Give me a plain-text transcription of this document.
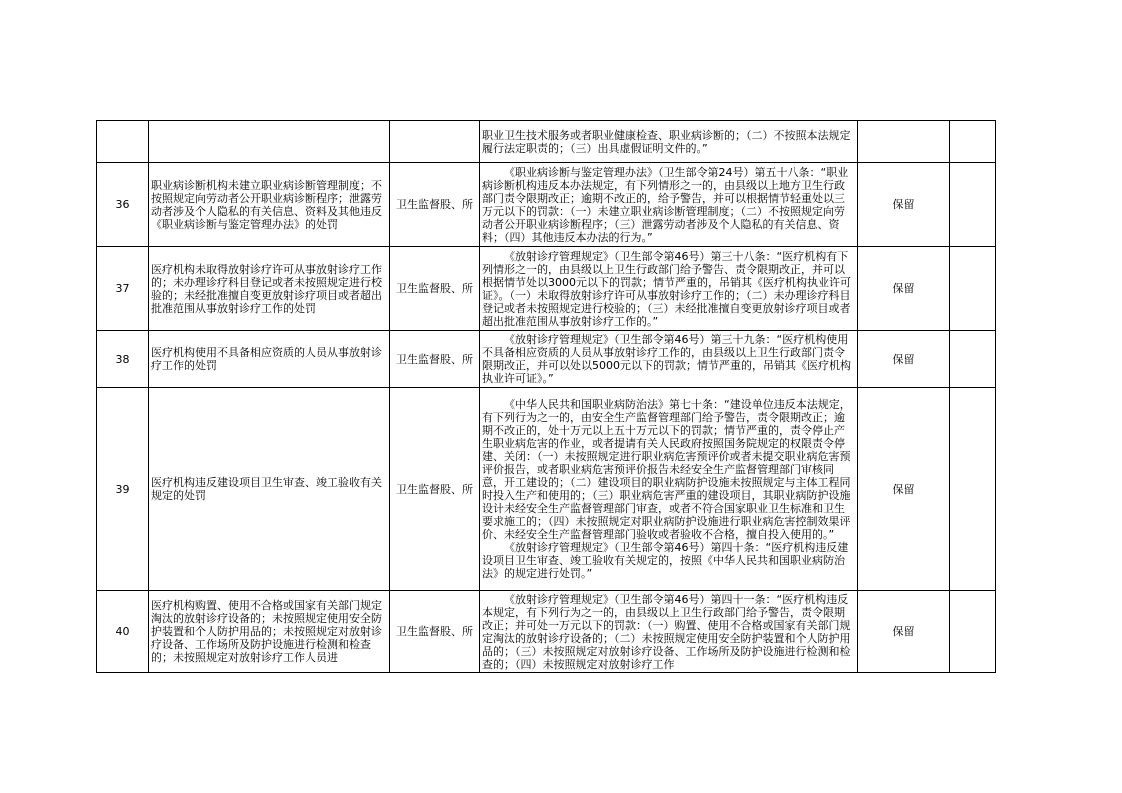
			职业卫生技术服务或者职业健康检查、职业病诊断的；（二）不按照本法规定履行法定职责的；（三）出具虚假证明文件的。”		

36	职业病诊断机构未建立职业病诊断管理制度；不按照规定向劳动者公开职业病诊断程序；泄露劳动者涉及个人隐私的有关信息、资料及其他违反《职业病诊断与鉴定管理办法》的处罚	卫生监督股、所	《职业病诊断与鉴定管理办法》（卫生部令第24号）第五十八条：“职业病诊断机构违反本办法规定，有下列情形之一的，由县级以上地方卫生行政部门责令限期改正；逾期不改正的，给予警告，并可以根据情节轻重处以三万元以下的罚款：（一）未建立职业病诊断管理制度；（二）不按照规定向劳动者公开职业病诊断程序；（三）泄露劳动者涉及个人隐私的有关信息、资料；（四）其他违反本办法的行为。”	保留	
37	医疗机构未取得放射诊疗许可从事放射诊疗工作的；未办理诊疗科目登记或者未按照规定进行校验的；未经批准擅自变更放射诊疗项目或者超出批准范围从事放射诊疗工作的处罚	卫生监督股、所	《放射诊疗管理规定》（卫生部令第46号）第三十八条：“医疗机构有下列情形之一的，由县级以上卫生行政部门给予警告、责令限期改正，并可以根据情节处以3000元以下的罚款；情节严重的，吊销其《医疗机构执业许可证》。（一）未取得放射诊疗许可从事放射诊疗工作的；（二）未办理诊疗科目登记或者未按照规定进行校验的；（三）未经批准擅自变更放射诊疗项目或者超出批准范围从事放射诊疗工作的。”	保留	
38	医疗机构使用不具备相应资质的人员从事放射诊疗工作的处罚	卫生监督股、所	《放射诊疗管理规定》（卫生部令第46号）第三十九条：“医疗机构使用不具备相应资质的人员从事放射诊疗工作的，由县级以上卫生行政部门责令限期改正，并可以处以5000元以下的罚款；情节严重的，吊销其《医疗机构执业许可证》。”	保留	
39	医疗机构违反建设项目卫生审查、竣工验收有关规定的处罚	卫生监督股、所	《中华人民共和国职业病防治法》第七十条：“建设单位违反本法规定，有下列行为之一的，由安全生产监督管理部门给予警告，责令限期改正；逾期不改正的，处十万元以上五十万元以下的罚款；情节严重的，责令停止产生职业病危害的作业，或者提请有关人民政府按照国务院规定的权限责令停建、关闭：（一）未按照规定进行职业病危害预评价或者未提交职业病危害预评价报告，或者职业病危害预评价报告未经安全生产监督管理部门审核同意，开工建设的；（二）建设项目的职业病防护设施未按照规定与主体工程同时投入生产和使用的；（三）职业病危害严重的建设项目，其职业病防护设施设计未经安全生产监督管理部门审查，或者不符合国家职业卫生标准和卫生要求施工的；（四）未按照规定对职业病防护设施进行职业病危害控制效果评价、未经安全生产监督管理部门验收或者验收不合格，擅自投入使用的。”

《放射诊疗管理规定》（卫生部令第46号）第四十条：“医疗机构违反建设项目卫生审查、竣工验收有关规定的，按照《中华人民共和国职业病防治法》的规定进行处罚。”	保留	
40	医疗机构购置、使用不合格或国家有关部门规定淘汰的放射诊疗设备的；未按照规定使用安全防护装置和个人防护用品的；未按照规定对放射诊疗设备、工作场所及防护设施进行检测和检查的；未按照规定对放射诊疗工作人员进	卫生监督股、所	《放射诊疗管理规定》（卫生部令第46号）第四十一条：“医疗机构违反本规定，有下列行为之一的，由县级以上卫生行政部门给予警告，责令限期改正；并可处一万元以下的罚款：（一）购置、使用不合格或国家有关部门规定淘汰的放射诊疗设备的；（二）未按照规定使用安全防护装置和个人防护用品的；（三）未按照规定对放射诊疗设备、工作场所及防护设施进行检测和检查的；（四）未按照规定对放射诊疗工作	保留	
